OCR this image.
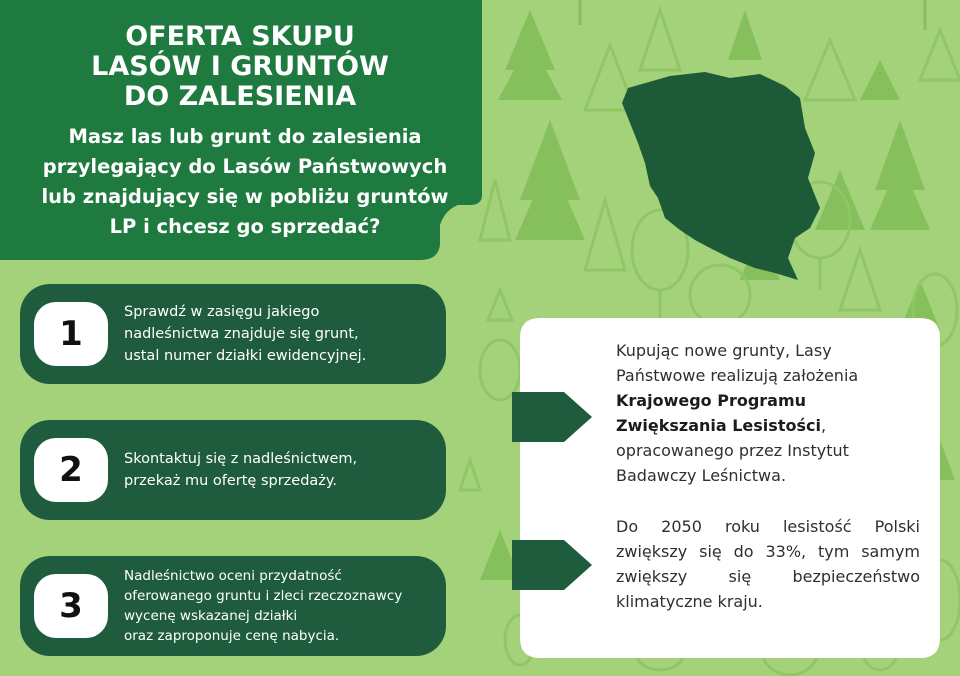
OFERTA SKUPU
LASÓW I GRUNTÓW
DO ZALESIENIA
Masz las lub grunt do zalesienia
przylegający do Lasów Państwowych
lub znajdujący się w pobliżu gruntów
LP i chcesz go sprzedać?
1
Sprawdź w zasięgu jakiego
nadleśnictwa znajduje się grunt,
ustal numer działki ewidencyjnej.
2	Skontaktuj się z nadleśnictwem,
przekaż mu ofertę sprzedaży.
3
Nadleśnictwo oceni przydatność
oferowanego gruntu i zleci rzeczoznawcy
wycenę wskazanej działki
oraz zaproponuje cenę nabycia.
Kupując nowe grunty, Lasy Państwowe realizują założenia Krajowego Programu Zwiększania Lesistości, opracowanego przez Instytut Badawczy Leśnictwa.
Do 2050 roku lesistość Polski zwiększy się do 33%, tym samym zwiększy się bezpieczeństwo klimatyczne kraju.
